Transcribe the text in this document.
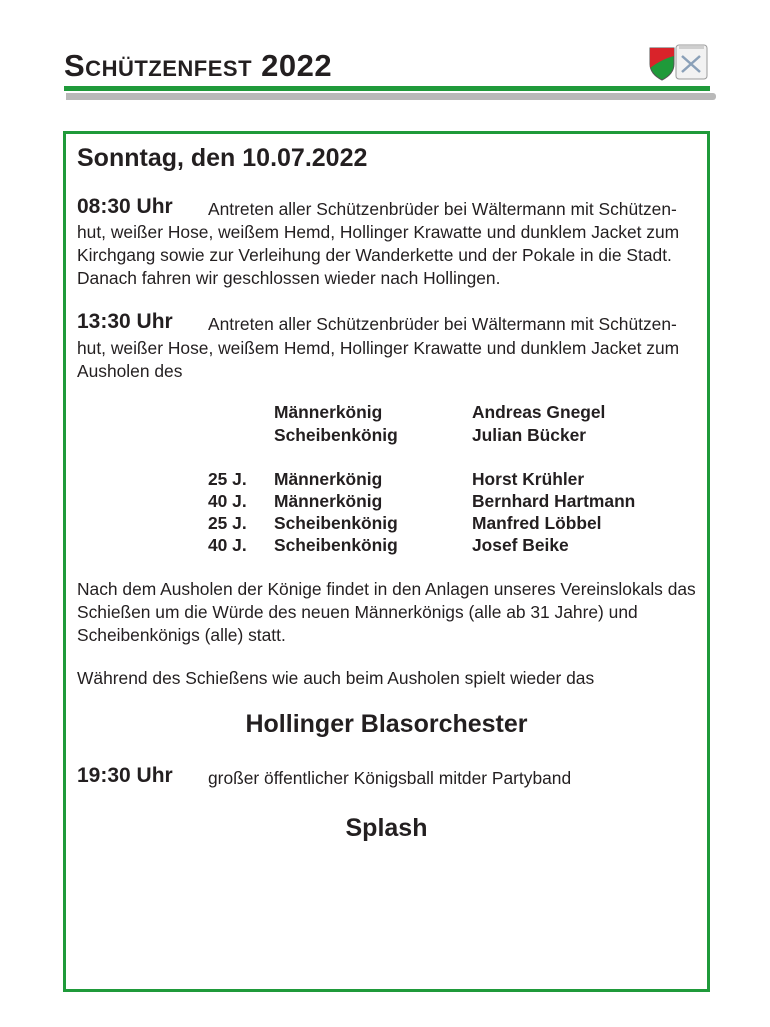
Schützenfest 2022
Sonntag, den 10.07.2022
08:30 Uhr Antreten aller Schützenbrüder bei Wältermann mit Schützen-
hut, weißer Hose, weißem Hemd, Hollinger Krawatte und dunklem Jacket zum Kirchgang sowie zur Verleihung der Wanderkette und der Pokale in die Stadt. Danach fahren wir geschlossen wieder nach Hollingen.
13:30 Uhr Antreten aller Schützenbrüder bei Wältermann mit Schützen-
hut, weißer Hose, weißem Hemd, Hollinger Krawatte und dunklem Jacket zum Ausholen des
Männerkönig	Andreas Gnegel
Scheibenkönig	Julian Bücker
25 J. Männerkönig	Horst Krühler
40 J. Männerkönig	Bernhard Hartmann
25 J. Scheibenkönig	Manfred Löbbel
40 J. Scheibenkönig	Josef Beike
Nach dem Ausholen der Könige findet in den Anlagen unseres Vereinslokals das Schießen um die Würde des neuen Männerkönigs (alle ab 31 Jahre) und Scheibenkönigs (alle) statt.
Während des Schießens wie auch beim Ausholen spielt wieder das
Hollinger Blasorchester
19:30 Uhr großer öffentlicher Königsball mitder Partyband
Splash
